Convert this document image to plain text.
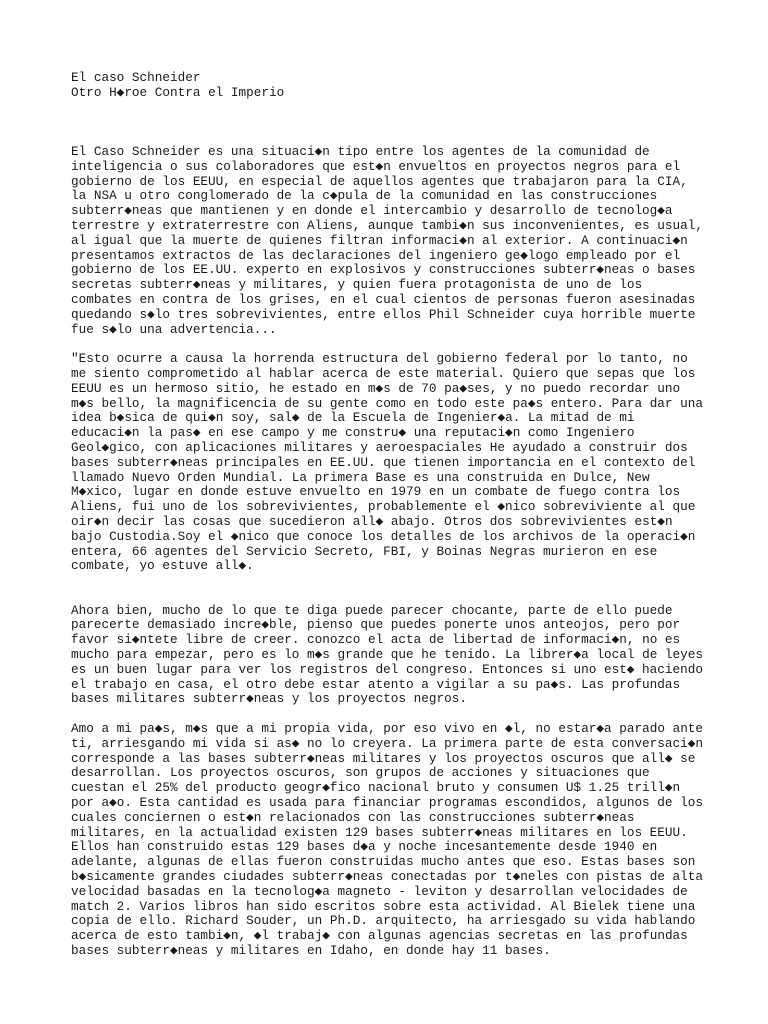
El caso Schneider
Otro H◆roe Contra el Imperio
El Caso Schneider es una situaci◆n tipo entre los agentes de la comunidad de
inteligencia o sus colaboradores que est◆n envueltos en proyectos negros para el
gobierno de los EEUU, en especial de aquellos agentes que trabajaron para la CIA,
la NSA u otro conglomerado de la c◆pula de la comunidad en las construcciones
subterr◆neas que mantienen y en donde el intercambio y desarrollo de tecnolog◆a
terrestre y extraterrestre con Aliens, aunque tambi◆n sus inconvenientes, es usual,
al igual que la muerte de quienes filtran informaci◆n al exterior. A continuaci◆n
presentamos extractos de las declaraciones del ingeniero ge◆logo empleado por el
gobierno de los EE.UU. experto en explosivos y construcciones subterr◆neas o bases
secretas subterr◆neas y militares, y quien fuera protagonista de uno de los
combates en contra de los grises, en el cual cientos de personas fueron asesinadas
quedando s◆lo tres sobrevivientes, entre ellos Phil Schneider cuya horrible muerte
fue s◆lo una advertencia...
"Esto ocurre a causa la horrenda estructura del gobierno federal por lo tanto, no
me siento comprometido al hablar acerca de este material. Quiero que sepas que los
EEUU es un hermoso sitio, he estado en m◆s de 70 pa◆ses, y no puedo recordar uno
m◆s bello, la magnificencia de su gente como en todo este pa◆s entero. Para dar una
idea b◆sica de qui◆n soy, sal◆ de la Escuela de Ingenier◆a. La mitad de mi
educaci◆n la pas◆ en ese campo y me constru◆ una reputaci◆n como Ingeniero
Geol◆gico, con aplicaciones militares y aeroespaciales He ayudado a construir dos
bases subterr◆neas principales en EE.UU. que tienen importancia en el contexto del
llamado Nuevo Orden Mundial. La primera Base es una construida en Dulce, New
M◆xico, lugar en donde estuve envuelto en 1979 en un combate de fuego contra los
Aliens, fui uno de los sobrevivientes, probablemente el ◆nico sobreviviente al que
oir◆n decir las cosas que sucedieron all◆ abajo. Otros dos sobrevivientes est◆n
bajo Custodia.Soy el ◆nico que conoce los detalles de los archivos de la operaci◆n
entera, 66 agentes del Servicio Secreto, FBI, y Boinas Negras murieron en ese
combate, yo estuve all◆.
Ahora bien, mucho de lo que te diga puede parecer chocante, parte de ello puede
parecerte demasiado incre◆ble, pienso que puedes ponerte unos anteojos, pero por
favor si◆ntete libre de creer. conozco el acta de libertad de informaci◆n, no es
mucho para empezar, pero es lo m◆s grande que he tenido. La librer◆a local de leyes
es un buen lugar para ver los registros del congreso. Entonces si uno est◆ haciendo
el trabajo en casa, el otro debe estar atento a vigilar a su pa◆s. Las profundas
bases militares subterr◆neas y los proyectos negros.
Amo a mi pa◆s, m◆s que a mi propia vida, por eso vivo en ◆l, no estar◆a parado ante
ti, arriesgando mi vida si as◆ no lo creyera. La primera parte de esta conversaci◆n
corresponde a las bases subterr◆neas militares y los proyectos oscuros que all◆ se
desarrollan. Los proyectos oscuros, son grupos de acciones y situaciones que
cuestan el 25% del producto geogr◆fico nacional bruto y consumen U$ 1.25 trill◆n
por a◆o. Esta cantidad es usada para financiar programas escondidos, algunos de los
cuales conciernen o est◆n relacionados con las construcciones subterr◆neas
militares, en la actualidad existen 129 bases subterr◆neas militares en los EEUU.
Ellos han construido estas 129 bases d◆a y noche incesantemente desde 1940 en
adelante, algunas de ellas fueron construidas mucho antes que eso. Estas bases son
b◆sicamente grandes ciudades subterr◆neas conectadas por t◆neles con pistas de alta
velocidad basadas en la tecnolog◆a magneto - leviton y desarrollan velocidades de
match 2. Varios libros han sido escritos sobre esta actividad. Al Bielek tiene una
copia de ello. Richard Souder, un Ph.D. arquitecto, ha arriesgado su vida hablando
acerca de esto tambi◆n, ◆l trabaj◆ con algunas agencias secretas en las profundas
bases subterr◆neas y militares en Idaho, en donde hay 11 bases.
